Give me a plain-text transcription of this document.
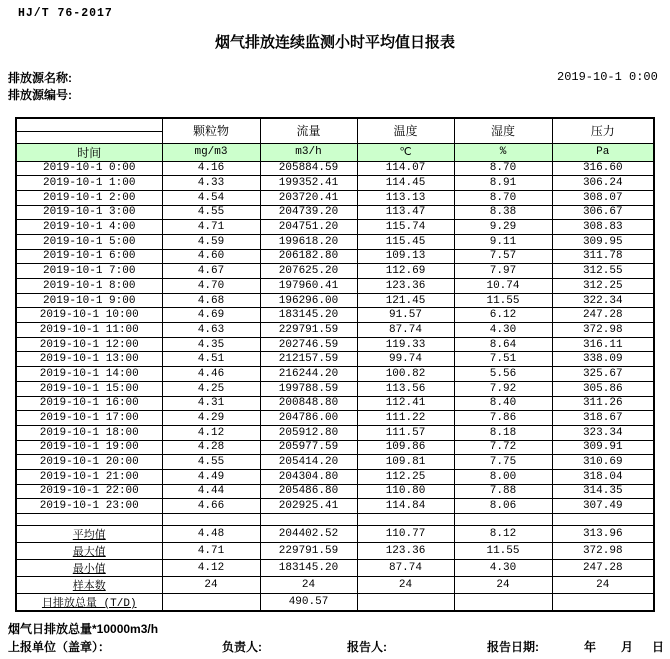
HJ/T 76-2017
烟气排放连续监测小时平均值日报表
排放源名称:	2019-10-1 0:00
排放源编号:
	颗粒物	流量	温度	湿度	压力

时间	mg/m3	m3/h	℃	%	Pa
2019-10-1 0:00	4.16	205884.59	114.07	8.70	316.60
2019-10-1 1:00	4.33	199352.41	114.45	8.91	306.24
2019-10-1 2:00	4.54	203720.41	113.13	8.70	308.07
2019-10-1 3:00	4.55	204739.20	113.47	8.38	306.67
2019-10-1 4:00	4.71	204751.20	115.74	9.29	308.83
2019-10-1 5:00	4.59	199618.20	115.45	9.11	309.95
2019-10-1 6:00	4.60	206182.80	109.13	7.57	311.78
2019-10-1 7:00	4.67	207625.20	112.69	7.97	312.55
2019-10-1 8:00	4.70	197960.41	123.36	10.74	312.25
2019-10-1 9:00	4.68	196296.00	121.45	11.55	322.34
2019-10-1 10:00	4.69	183145.20	91.57	6.12	247.28
2019-10-1 11:00	4.63	229791.59	87.74	4.30	372.98
2019-10-1 12:00	4.35	202746.59	119.33	8.64	316.11
2019-10-1 13:00	4.51	212157.59	99.74	7.51	338.09
2019-10-1 14:00	4.46	216244.20	100.82	5.56	325.67
2019-10-1 15:00	4.25	199788.59	113.56	7.92	305.86
2019-10-1 16:00	4.31	200848.80	112.41	8.40	311.26
2019-10-1 17:00	4.29	204786.00	111.22	7.86	318.67
2019-10-1 18:00	4.12	205912.80	111.57	8.18	323.34
2019-10-1 19:00	4.28	205977.59	109.86	7.72	309.91
2019-10-1 20:00	4.55	205414.20	109.81	7.75	310.69
2019-10-1 21:00	4.49	204304.80	112.25	8.00	318.04
2019-10-1 22:00	4.44	205486.80	110.80	7.88	314.35
2019-10-1 23:00	4.66	202925.41	114.84	8.06	307.49

平均值	4.48	204402.52	110.77	8.12	313.96
最大值	4.71	229791.59	123.36	11.55	372.98
最小值	4.12	183145.20	87.74	4.30	247.28
样本数	24	24	24	24	24
日排放总量 (T/D)		490.57			
烟气日排放总量*10000m3/h
上报单位（盖章）：	负责人:	报告人:	报告日期:	年 月 日
